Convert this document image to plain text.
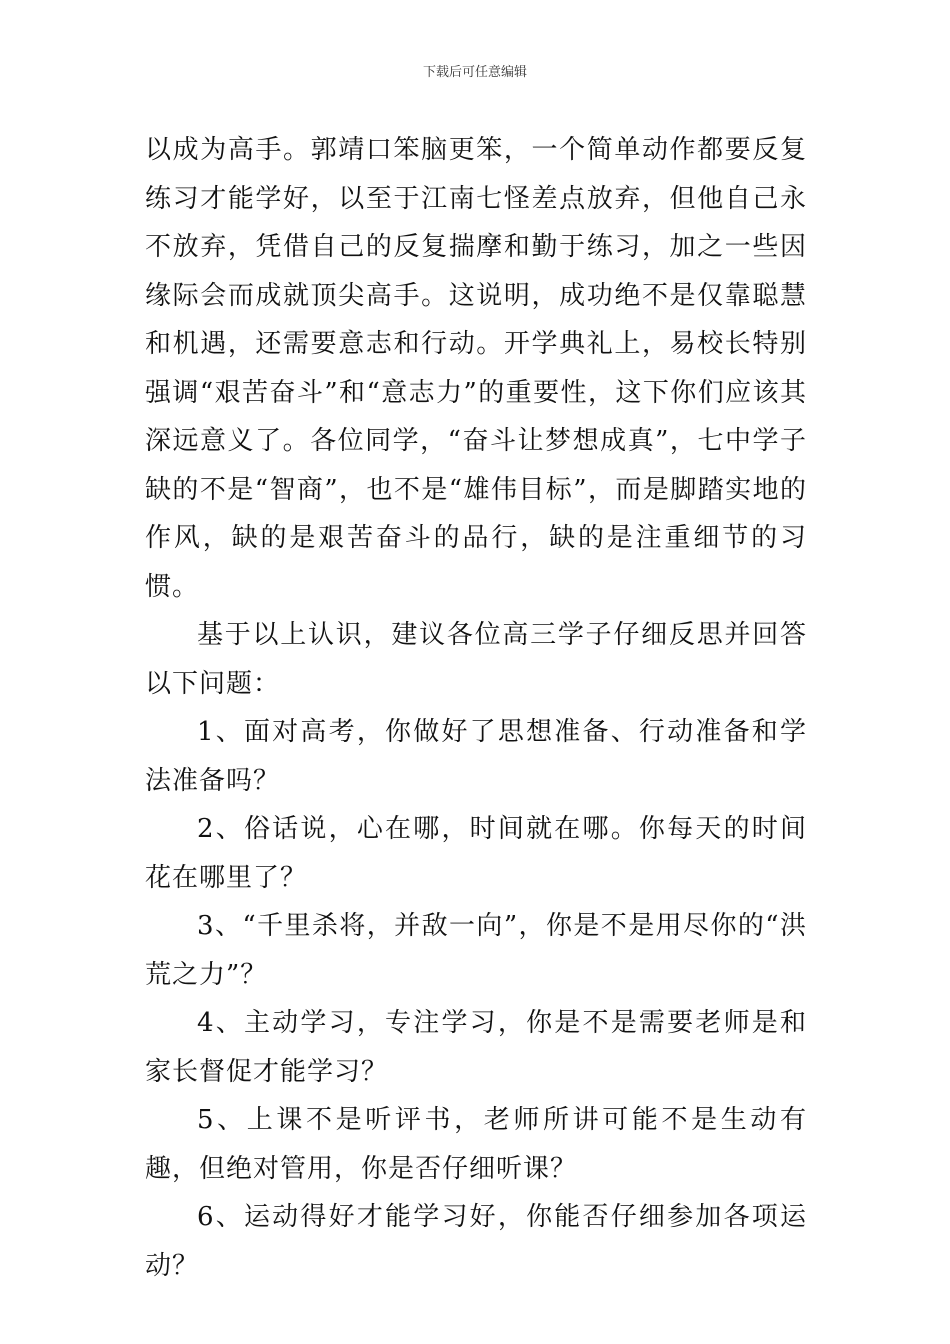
下载后可任意编辑

以成为高手。郭靖口笨脑更笨，一个简单动作都要反复练习才能学好，以至于江南七怪差点放弃，但他自己永不放弃，凭借自己的反复揣摩和勤于练习，加之一些因缘际会而成就顶尖高手。这说明，成功绝不是仅靠聪慧和机遇，还需要意志和行动。开学典礼上，易校长特别强调“艰苦奋斗”和“意志力”的重要性，这下你们应该其深远意义了。各位同学，“奋斗让梦想成真”，七中学子缺的不是“智商”，也不是“雄伟目标”，而是脚踏实地的作风，缺的是艰苦奋斗的品行，缺的是注重细节的习惯。

基于以上认识，建议各位高三学子仔细反思并回答以下问题：

1、面对高考，你做好了思想准备、行动准备和学法准备吗？

2、俗话说，心在哪，时间就在哪。你每天的时间花在哪里了？

3、“千里杀将，并敌一向”，你是不是用尽你的“洪荒之力”？

4、主动学习，专注学习，你是不是需要老师是和家长督促才能学习？

5、上课不是听评书，老师所讲可能不是生动有趣，但绝对管用，你是否仔细听课？

6、运动得好才能学习好，你能否仔细参加各项运动？
